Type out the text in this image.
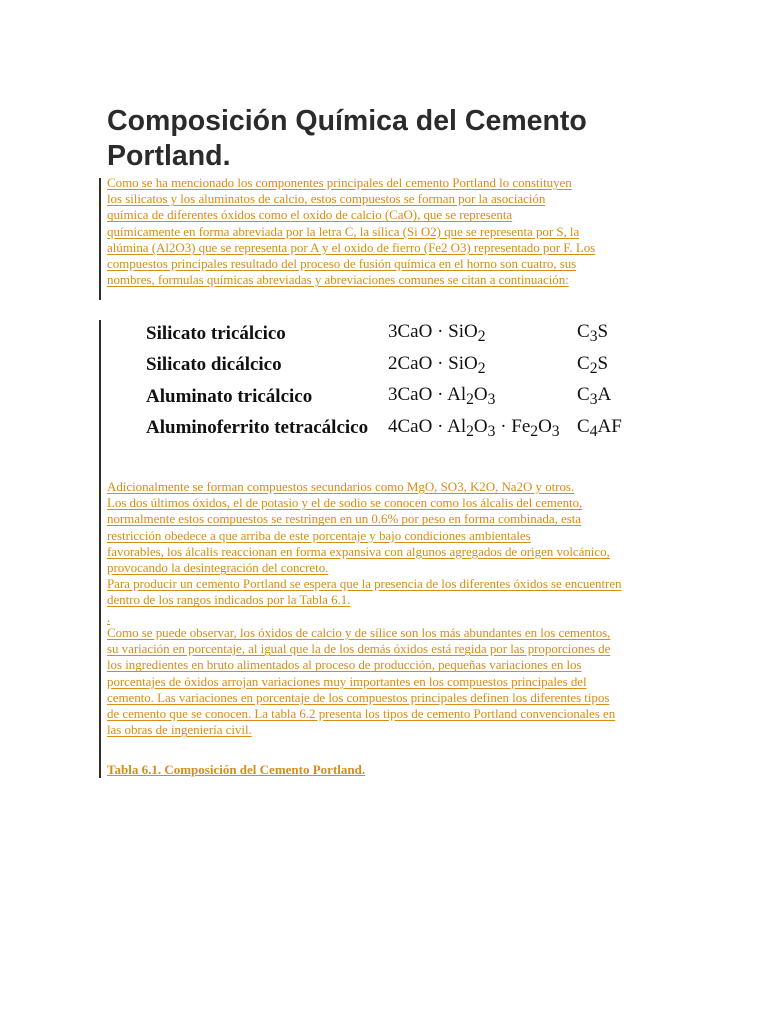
Composición Química del Cemento Portland.
Como se ha mencionado los componentes principales del cemento Portland lo constituyen
los silicatos y los aluminatos de calcio, estos compuestos se forman por la asociación
química de diferentes óxidos como el oxido de calcio (CaO), que se representa
químicamente en forma abreviada por la letra C, la sílica (Si O2) que se representa por S, la
alúmina (Al2O3) que se representa por A y el oxido de fierro (Fe2 O3) representado por F. Los
compuestos principales resultado del proceso de fusión química en el horno son cuatro, sus
nombres, formulas químicas abreviadas y abreviaciones comunes se citan a continuación:
Silicato tricálcico	3CaO · SiO$_2$	$C_3S$
Silicato dicálcico	2CaO · SiO$_2$	$C_2S$
Aluminato tricálcico	$3CaO \cdot Al_2O_3$	$C_3A$
Aluminoferrito tetracálcico	$4CaO \cdot Al_2O_3 \cdot Fe_2O_3$	$C_4AF$
Adicionalmente se forman compuestos secundarios como MgO, SO3, K2O, Na2O y otros.
Los dos últimos óxidos, el de potasio y el de sodio se conocen como los álcalis del cemento,
normalmente estos compuestos se restringen en un 0.6% por peso en forma combinada, esta
restricción obedece a que arriba de este porcentaje y bajo condiciones ambientales
favorables, los álcalis reaccionan en forma expansiva con algunos agregados de origen volcánico,
provocando la desintegración del concreto.
Para producir un cemento Portland se espera que la presencia de los diferentes óxidos se encuentren
dentro de los rangos indicados por la Tabla 6.1.
.
Como se puede observar, los óxidos de calcio y de sílice son los más abundantes en los cementos,
su variación en porcentaje, al igual que la de los demás óxidos está regida por las proporciones de
los ingredientes en bruto alimentados al proceso de producción, pequeñas variaciones en los
porcentajes de óxidos arrojan variaciones muy importantes en los compuestos principales del
cemento. Las variaciones en porcentaje de los compuestos principales definen los diferentes tipos
de cemento que se conocen. La tabla 6.2 presenta los tipos de cemento Portland convencionales en
las obras de ingeniería civil.
Tabla 6.1. Composición del Cemento Portland.
